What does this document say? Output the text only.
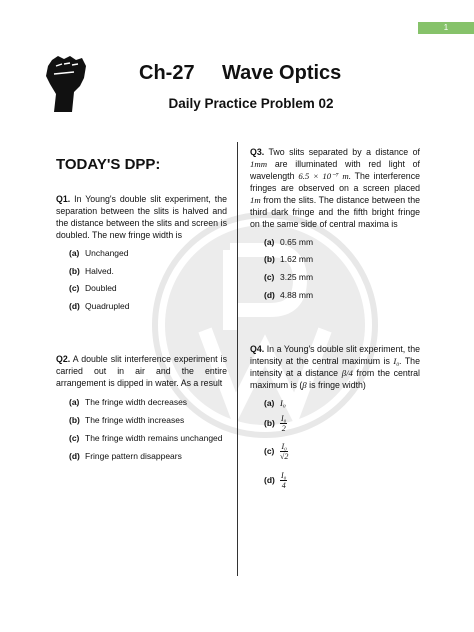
1
Ch-27 Wave Optics
Daily Practice Problem 02
TODAY'S DPP:
Q1. In Young's double slit experiment, the separation between the slits is halved and the distance between the slits and screen is doubled. The new fringe width is
(a) Unchanged
(b) Halved.
(c) Doubled
(d) Quadrupled
Q2. A double slit interference experiment is carried out in air and the entire arrangement is dipped in water. As a result
(a) The fringe width decreases
(b) The fringe width increases
(c) The fringe width remains unchanged
(d) Fringe pattern disappears
Q3. Two slits separated by a distance of 1mm are illuminated with red light of wavelength 6.5 × 10⁻⁷ m. The interference fringes are observed on a screen placed 1m from the slits. The distance between the third dark fringe and the fifth bright fringe on the same side of central maxima is
(a) 0.65 mm
(b) 1.62 mm
(c) 3.25 mm
(d) 4.88 mm
Q4. In a Young's double slit experiment, the intensity at the central maximum is I₀. The intensity at a distance β/4 from the central maximum is (β is fringe width)
(a) I₀
$(b) \frac{\text{I₀}}{2}$
$(c) \frac{\text{I₀}}{√2}$
$(d) \frac{\text{I₀}}{4}$
